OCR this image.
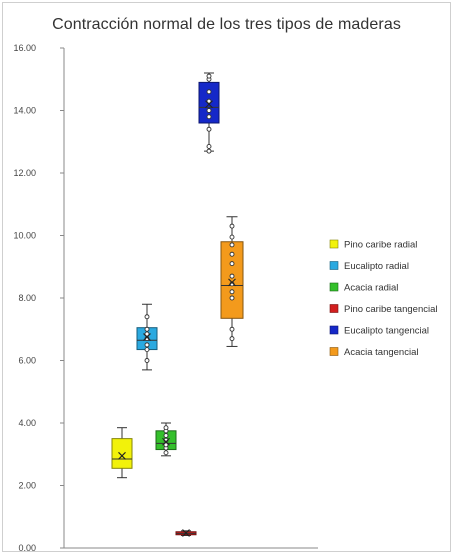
Contracción normal de los tres tipos de maderas
0.00
2.00
4.00
6.00
8.00
10.00
12.00
14.00
16.00
Pino caribe radial
Eucalipto radial
Acacia radial
Pino caribe tangencial
Eucalipto tangencial
Acacia tangencial
